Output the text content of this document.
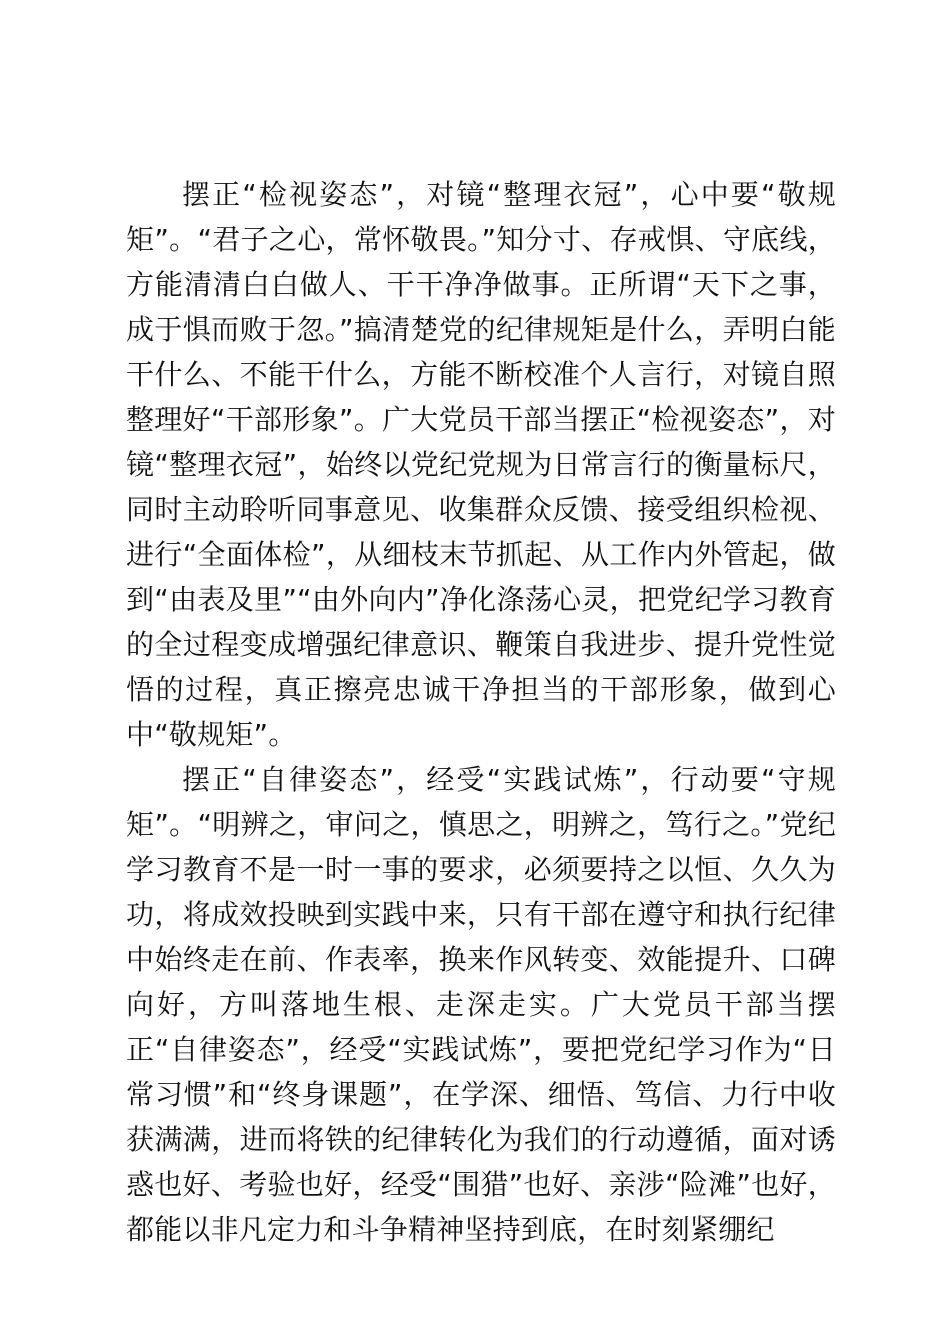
摆正“检视姿态”，对镜“整理衣冠”，心中要“敬规矩”。“君子之心，常怀敬畏。”知分寸、存戒惧、守底线，方能清清白白做人、干干净净做事。正所谓“天下之事，成于惧而败于忽。”搞清楚党的纪律规矩是什么，弄明白能干什么、不能干什么，方能不断校准个人言行，对镜自照整理好“干部形象”。广大党员干部当摆正“检视姿态”，对镜“整理衣冠”，始终以党纪党规为日常言行的衡量标尺，同时主动聆听同事意见、收集群众反馈、接受组织检视、进行“全面体检”，从细枝末节抓起、从工作内外管起，做到“由表及里”“由外向内”净化涤荡心灵，把党纪学习教育的全过程变成增强纪律意识、鞭策自我进步、提升党性觉悟的过程，真正擦亮忠诚干净担当的干部形象，做到心中“敬规矩”。

摆正“自律姿态”，经受“实践试炼”，行动要“守规矩”。“明辨之，审问之，慎思之，明辨之，笃行之。”党纪学习教育不是一时一事的要求，必须要持之以恒、久久为功，将成效投映到实践中来，只有干部在遵守和执行纪律中始终走在前、作表率，换来作风转变、效能提升、口碑向好，方叫落地生根、走深走实。广大党员干部当摆正“自律姿态”，经受“实践试炼”，要把党纪学习作为“日常习惯”和“终身课题”，在学深、细悟、笃信、力行中收获满满，进而将铁的纪律转化为我们的行动遵循，面对诱惑也好、考验也好，经受“围猎”也好、亲涉“险滩”也好，都能以非凡定力和斗争精神坚持到底，在时刻紧绷纪
